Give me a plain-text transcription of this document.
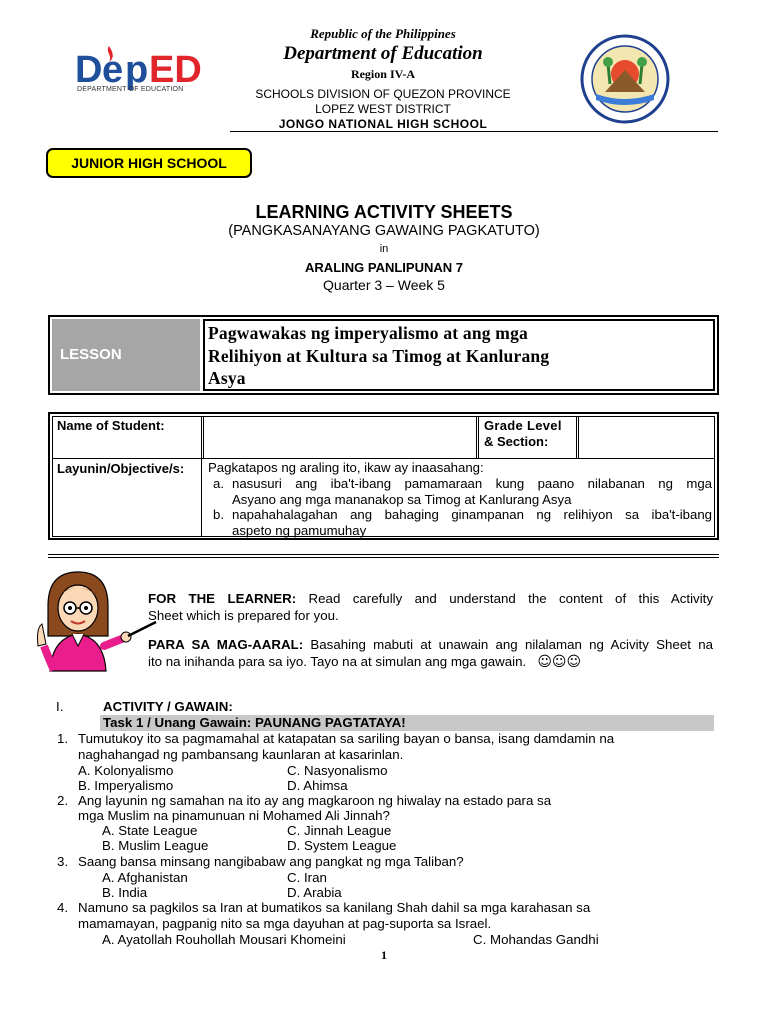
D e p ED
DEPARTMENT OF EDUCATION
Republic of the Philippines
Department of Education
Region IV-A
SCHOOLS DIVISION OF QUEZON PROVINCE
LOPEZ WEST DISTRICT
JONGO NATIONAL HIGH SCHOOL
JUNIOR HIGH SCHOOL
LEARNING ACTIVITY SHEETS
(PANGKASANAYANG GAWAING PAGKATUTO)
in
ARALING PANLIPUNAN 7
Quarter 3 – Week 5
LESSON
Pagwawakas ng imperyalismo at ang mga
Relihiyon at Kultura sa Timog at Kanlurang
Asya
Name of Student:	Grade Level
& Section:
Layunin/Objective/s: Pagkatapos ng araling ito, ikaw ay inaasahang:
a. nasusuri ang iba't-ibang pamamaraan kung paano nilabanan ng mga
Asyano ang mga mananakop sa Timog at Kanlurang Asya
b. napahahalagahan ang bahaging ginampanan ng relihiyon sa iba't-ibang
aspeto ng pamumuhay
FOR THE LEARNER: Read carefully and understand the content of this Activity
Sheet which is prepared for you.
PARA SA MAG-AARAL: Basahing mabuti at unawain ang nilalaman ng Acivity Sheet na
ito na inihanda para sa iyo. Tayo na at simulan ang mga gawain. ☺☺☺
I.	ACTIVITY / GAWAIN:
Task 1 / Unang Gawain: PAUNANG PAGTATAYA!
1. Tumutukoy ito sa pagmamahal at katapatan sa sariling bayan o bansa, isang damdamin na
naghahangad ng pambansang kaunlaran at kasarinlan.
A. Kolonyalismo	C. Nasyonalismo
B. Imperyalismo	D. Ahimsa
2. Ang layunin ng samahan na ito ay ang magkaroon ng hiwalay na estado para sa
mga Muslim na pinamunuan ni Mohamed Ali Jinnah?
A. State League	C. Jinnah League
B. Muslim League	D. System League
3. Saang bansa minsang nangibabaw ang pangkat ng mga Taliban?
A. Afghanistan	C. Iran
B. India	D. Arabia
4. Namuno sa pagkilos sa Iran at bumatikos sa kanilang Shah dahil sa mga karahasan sa
mamamayan, pagpanig nito sa mga dayuhan at pag-suporta sa Israel.
A. Ayatollah Rouhollah Mousari Khomeini	C. Mohandas Gandhi
1
